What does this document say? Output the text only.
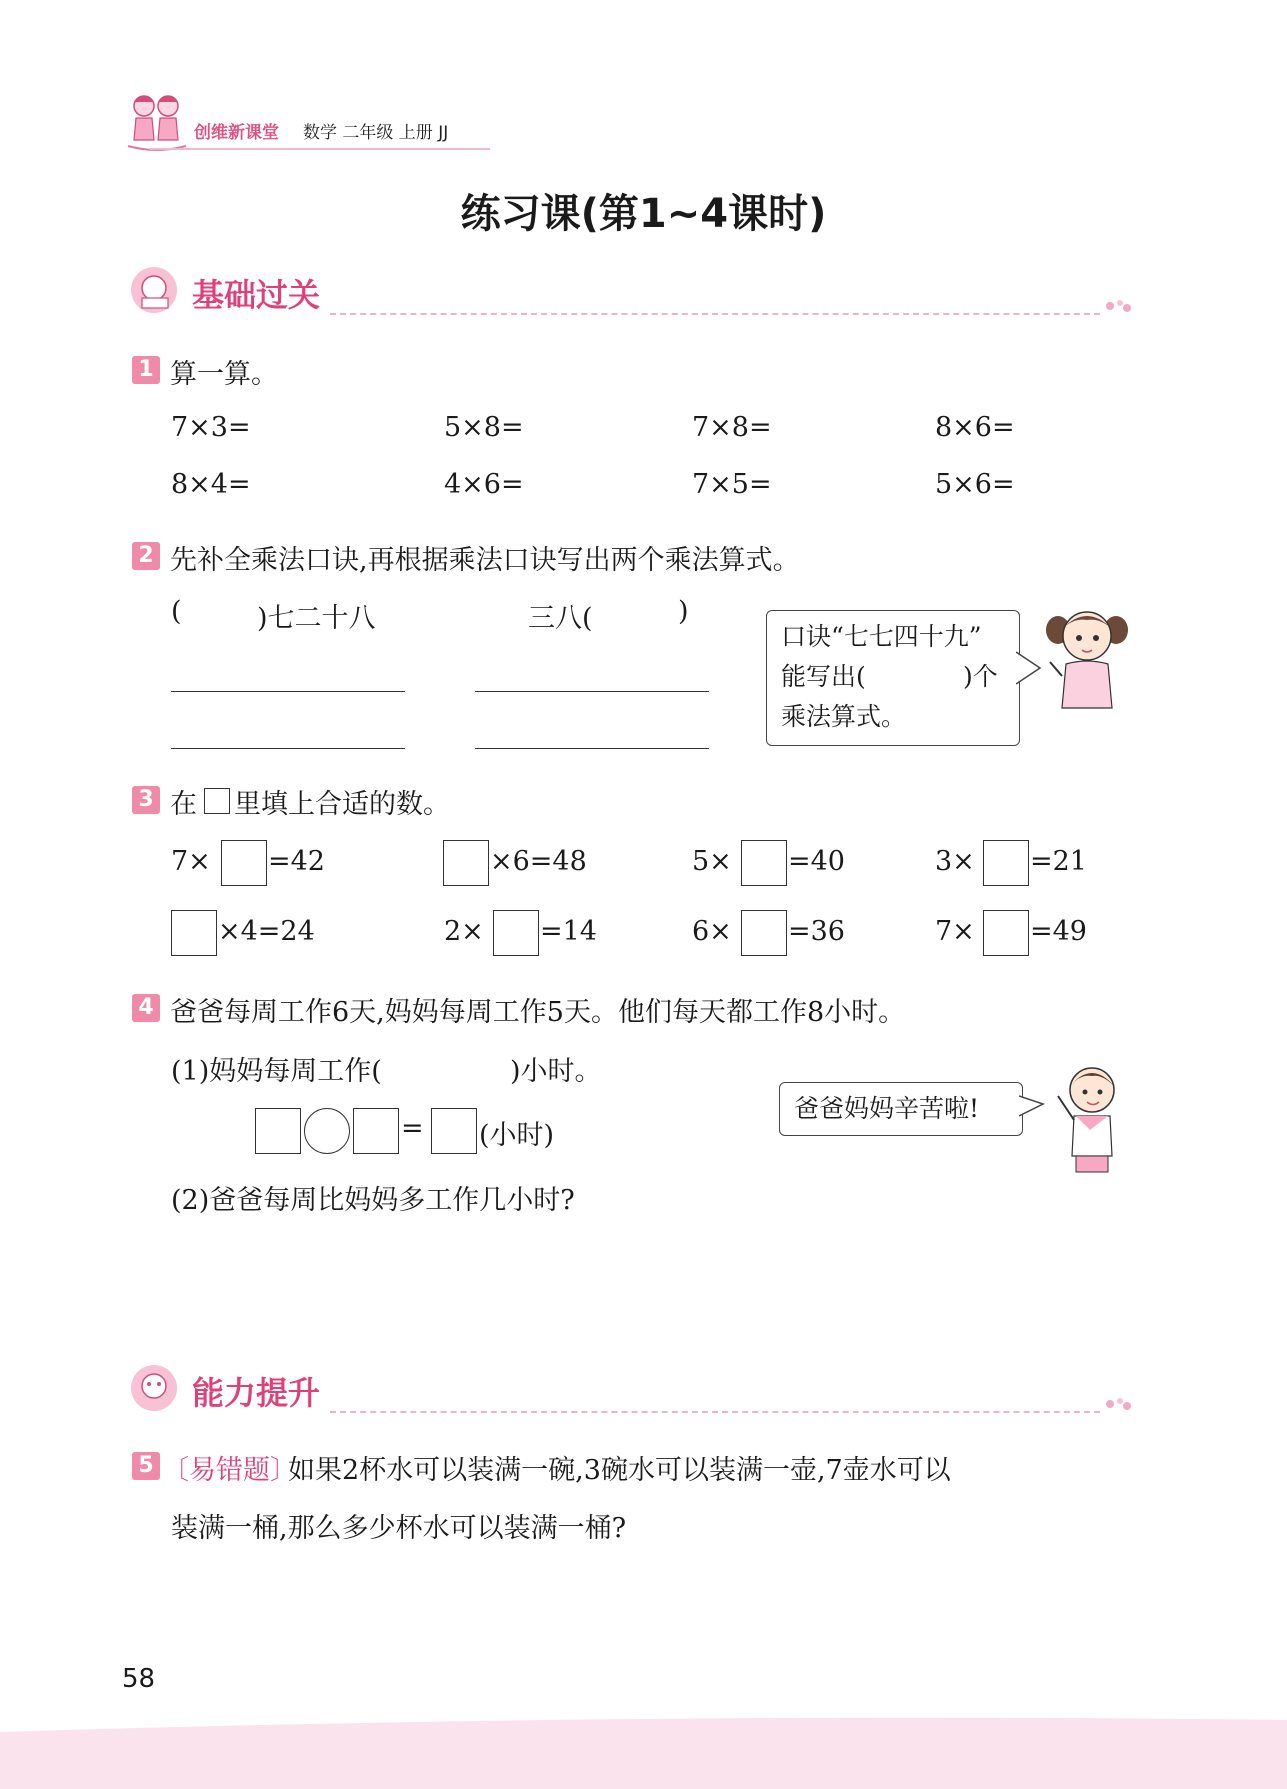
创维新课堂 数学 二年级 上册 JJ
练习课(第1~4课时)
基础过关
1 算一算。
7×3=	5×8=	7×8=	8×6=
8×4=	4×6=	7×5=	5×6=
2 先补全乘法口诀,再根据乘法口诀写出两个乘法算式。
(	)七二十八	三八(	)
口诀“七七四十九”
能写出(	)个
乘法算式。
3 在 里填上合适的数。
7× =42	×6=48	5× =40	3× =21
×4=24	2× =14	6× =36	7× =49
4 爸爸每周工作6天,妈妈每周工作5天。他们每天都工作8小时。
(1)妈妈每周工作(	)小时。
= (小时)
(2)爸爸每周比妈妈多工作几小时?
爸爸妈妈辛苦啦!
能力提升
5 〔易错题〕
如果2杯水可以装满一碗,3碗水可以装满一壶,7壶水可以
装满一桶,那么多少杯水可以装满一桶?
58
